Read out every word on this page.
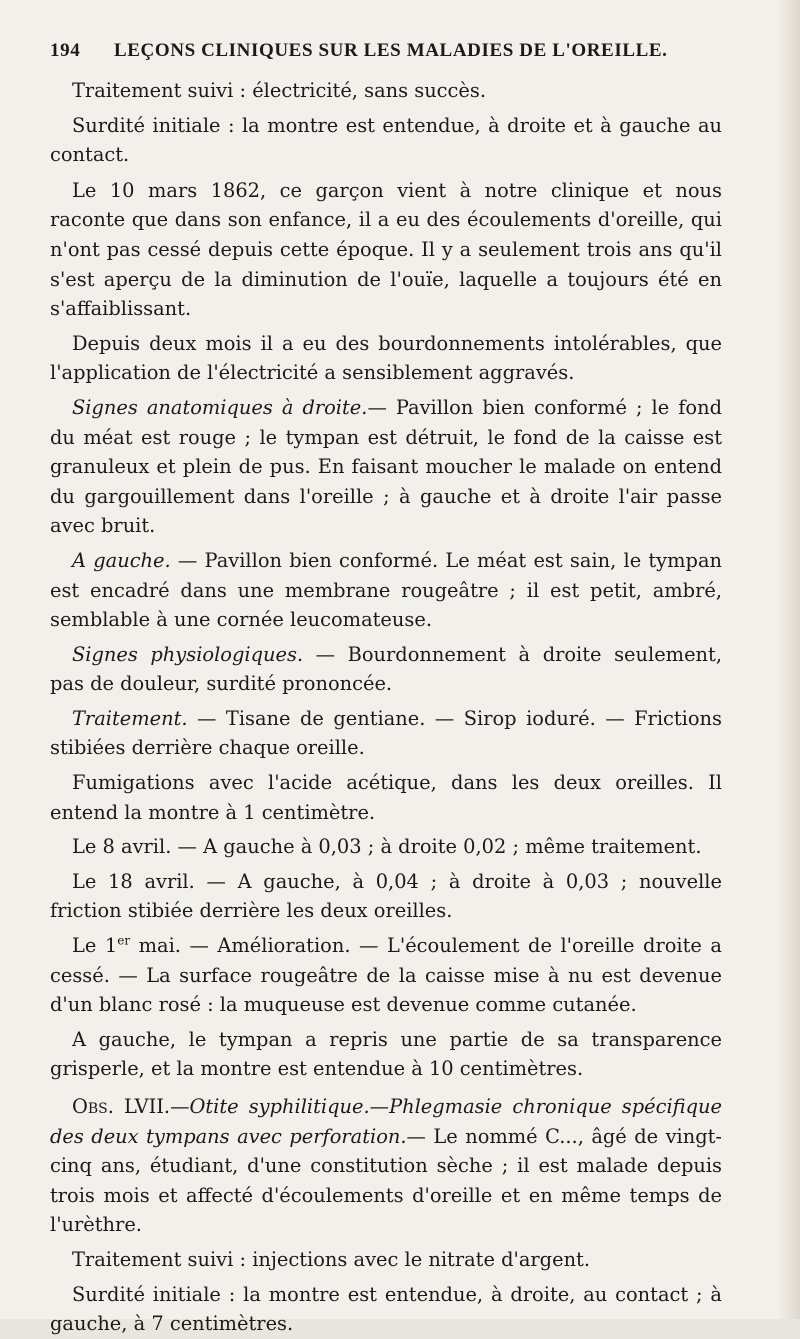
194	LEÇONS CLINIQUES SUR LES MALADIES DE L'OREILLE.

Traitement suivi : électricité, sans succès.

Surdité initiale : la montre est entendue, à droite et à gauche au contact.

Le 10 mars 1862, ce garçon vient à notre clinique et nous raconte que dans son enfance, il a eu des écoulements d'oreille, qui n'ont pas cessé depuis cette époque. Il y a seulement trois ans qu'il s'est aperçu de la diminution de l'ouïe, laquelle a toujours été en s'affaiblissant.

Depuis deux mois il a eu des bourdonnements intolérables, que l'application de l'électricité a sensiblement aggravés.

Signes anatomiques à droite.— Pavillon bien conformé ; le fond du méat est rouge ; le tympan est détruit, le fond de la caisse est granuleux et plein de pus. En faisant moucher le malade on entend du gargouillement dans l'oreille ; à gauche et à droite l'air passe avec bruit.

A gauche. — Pavillon bien conformé. Le méat est sain, le tympan est encadré dans une membrane rougeâtre ; il est petit, ambré, semblable à une cornée leucomateuse.

Signes physiologiques. — Bourdonnement à droite seulement, pas de douleur, surdité prononcée.

Traitement. — Tisane de gentiane. — Sirop ioduré. — Frictions stibiées derrière chaque oreille.

Fumigations avec l'acide acétique, dans les deux oreilles. Il entend la montre à 1 centimètre.

Le 8 avril. — A gauche à 0,03 ; à droite 0,02 ; même traitement.

Le 18 avril. — A gauche, à 0,04 ; à droite à 0,03 ; nouvelle friction stibiée derrière les deux oreilles.

Le 1er mai. — Amélioration. — L'écoulement de l'oreille droite a cessé. — La surface rougeâtre de la caisse mise à nu est devenue d'un blanc rosé : la muqueuse est devenue comme cutanée.

A gauche, le tympan a repris une partie de sa transparence grisperle, et la montre est entendue à 10 centimètres.

Obs. LVII.—Otite syphilitique.—Phlegmasie chronique spécifique des deux tympans avec perforation.— Le nommé C..., âgé de vingt-cinq ans, étudiant, d'une constitution sèche ; il est malade depuis trois mois et affecté d'écoulements d'oreille et en même temps de l'urèthre.

Traitement suivi : injections avec le nitrate d'argent.

Surdité initiale : la montre est entendue, à droite, au contact ; à gauche, à 7 centimètres.
